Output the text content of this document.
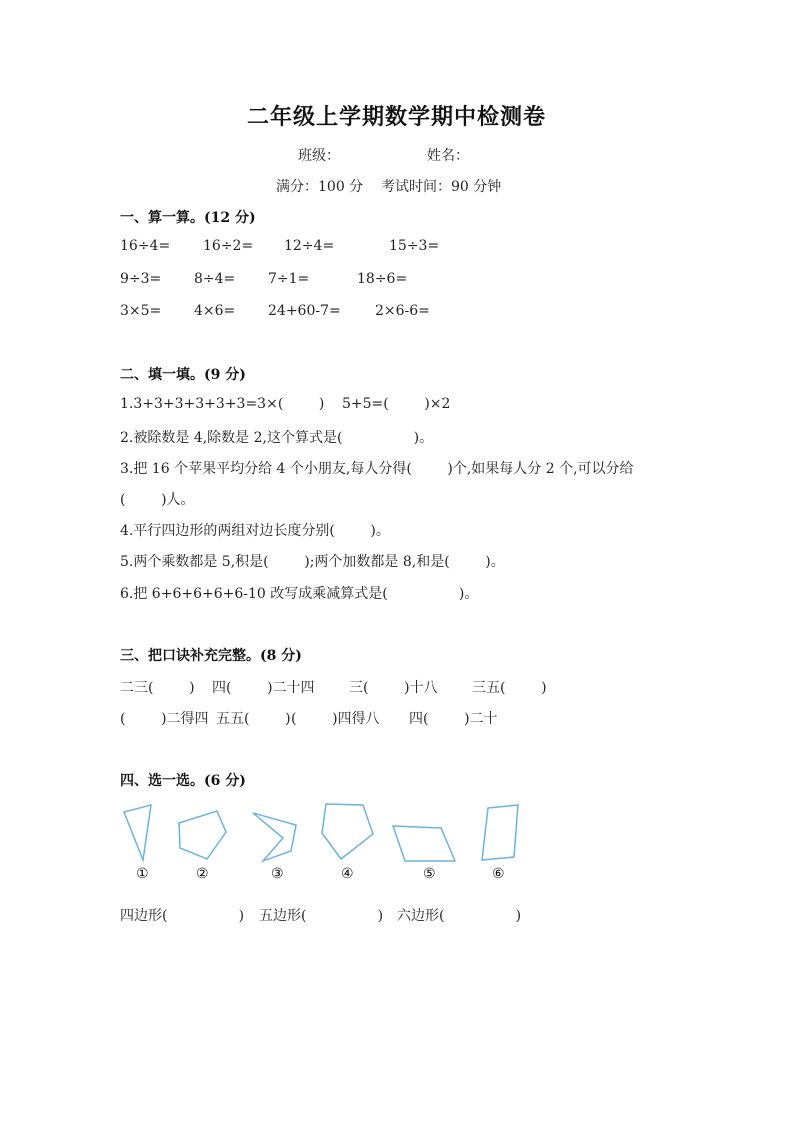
二年级上学期数学期中检测卷
班级：	姓名：
满分：100 分    考试时间：90 分钟
一、算一算。(12 分)
16÷4= 16÷2= 12÷4=	15÷3=
9÷3= 8÷4= 7÷1=	18÷6=
3×5= 4×6= 24+60-7= 2×6-6=
二、填一填。(9 分)
1.3+3+3+3+3+3=3×(        ) 5+5=(        )×2
2.被除数是 4,除数是 2,这个算式是(                )。
3.把 16 个苹果平均分给 4 个小朋友,每人分得(        )个,如果每人分 2 个,可以分给
(        )人。
4.平行四边形的两组对边长度分别(        )。
5.两个乘数都是 5,积是(        );两个加数都是 8,和是(        )。
6.把 6+6+6+6+6-10 改写成乘减算式是(                )。
三、把口诀补充完整。(8 分)
二三(        ) 四(        )二十四 三(        )十八 三五(        )
(        )二得四 五五(        ) (        )四得八 四(        )二十
四、选一选。(6 分)
①	②	③	④	⑤	⑥
四边形(                ) 五边形(                ) 六边形(                )
